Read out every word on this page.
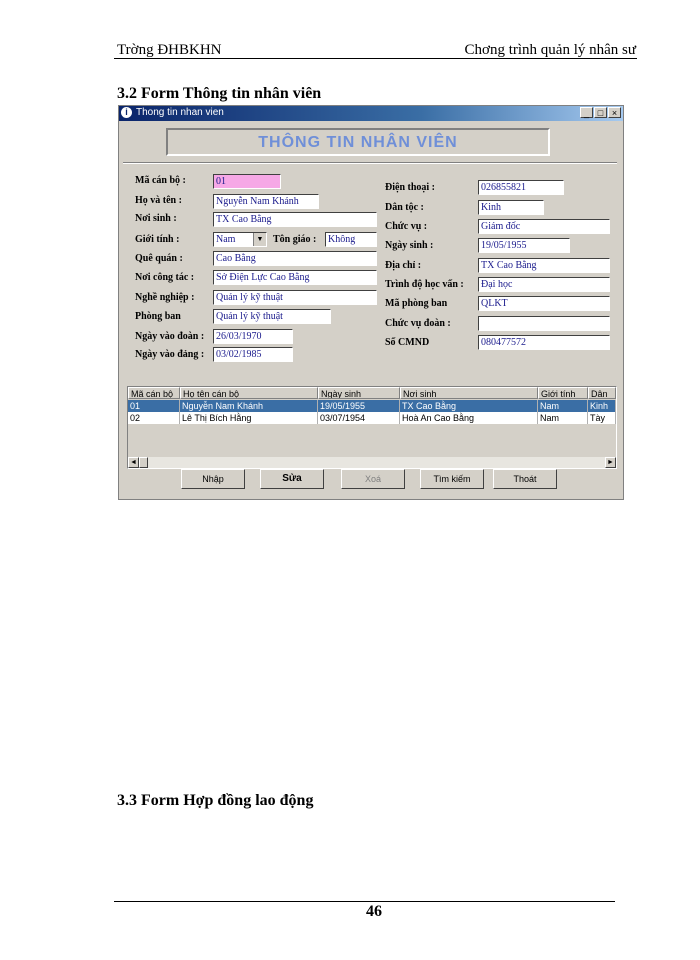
Trờng ĐHBKHN	Chơng trình quản lý nhân sư
3.2 Form Thông tin nhân viên
i Thong tin nhan vien	_ □ ×
THÔNG TIN NHÂN VIÊN
Mã cán bộ :	01
Họ và tên :	Nguyễn Nam Khánh
Nơi sinh :	TX Cao Bằng
Giới tính :	Nam	▼ Tôn giáo :	Không
Quê quán :	Cao Bằng
Nơi công tác :	Sở Điện Lực Cao Bằng
Nghề nghiệp :	Quản lý kỹ thuật
Phòng ban	Quản lý kỹ thuật
Ngày vào đoàn :	26/03/1970
Ngày vào đảng :	03/02/1985
Điện thoại :	026855821
Dân tộc :	Kinh
Chức vụ :	Giám đốc
Ngày sinh :	19/05/1955
Địa chỉ :	TX Cao Bằng
Trình độ học vấn :	Đại học
Mã phòng ban	QLKT
Chức vụ đoàn :
Số CMND	080477572
Mã cán bộ	Họ tên cán bộ	Ngày sinh	Nơi sinh	Giới tính	Dân
01	Nguyễn Nam Khánh	19/05/1955	TX Cao Bằng	Nam	Kinh
02	Lê Thị Bích Hằng	03/07/1954	Hoà An Cao Bằng	Nam	Tày
◄	►
Nhập	Sửa	Xoá	Tìm kiếm	Thoát
3.3 Form Hợp đồng lao động
46
